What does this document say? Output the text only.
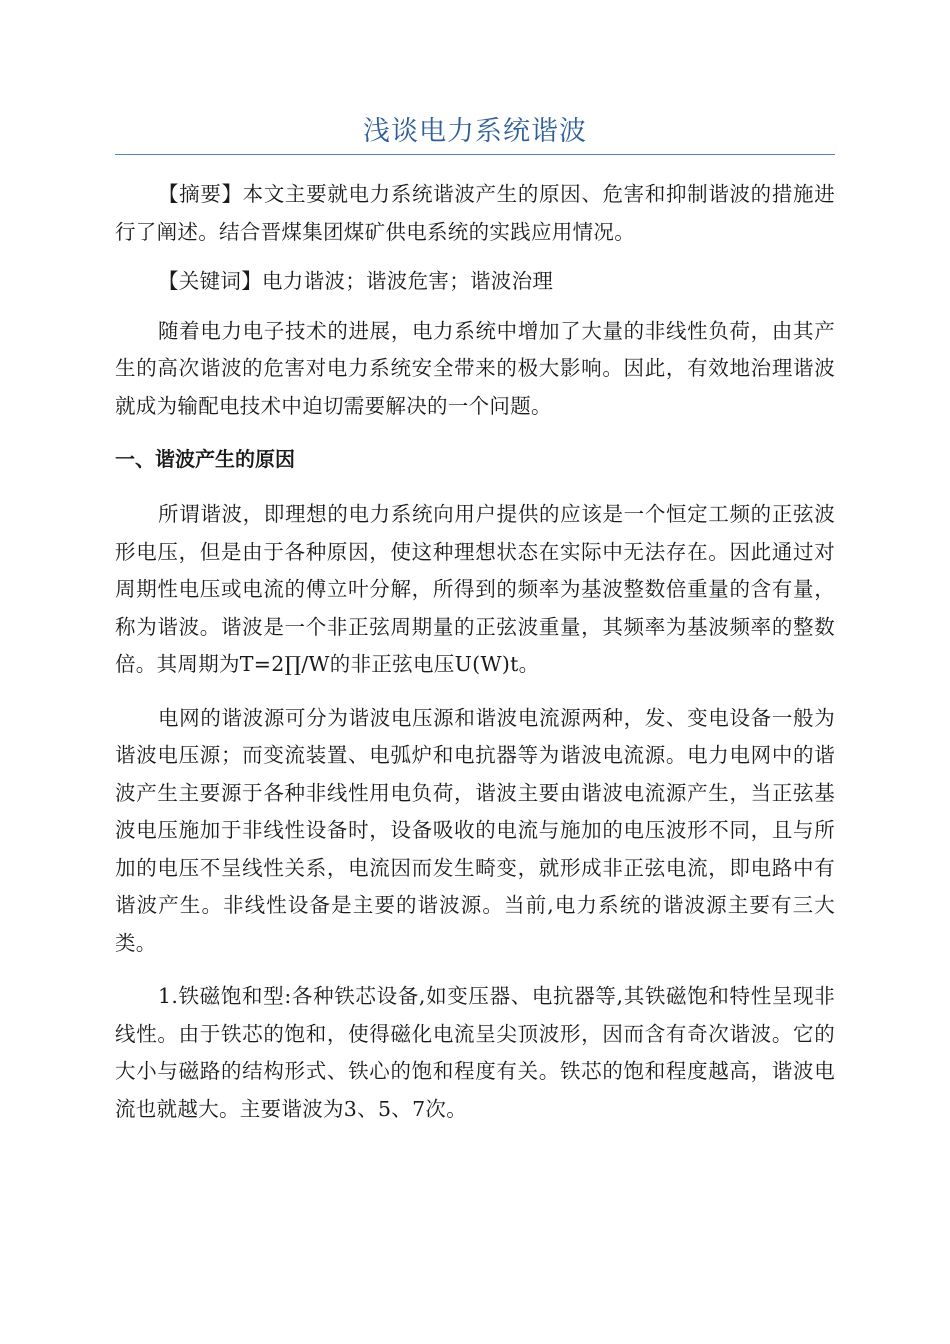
浅谈电力系统谐波

【摘要】本文主要就电力系统谐波产生的原因、危害和抑制谐波的措施进行了阐述。结合晋煤集团煤矿供电系统的实践应用情况。

【关键词】电力谐波；谐波危害；谐波治理

随着电力电子技术的进展，电力系统中增加了大量的非线性负荷，由其产生的高次谐波的危害对电力系统安全带来的极大影响。因此，有效地治理谐波就成为输配电技术中迫切需要解决的一个问题。

一、谐波产生的原因

所谓谐波，即理想的电力系统向用户提供的应该是一个恒定工频的正弦波形电压，但是由于各种原因，使这种理想状态在实际中无法存在。因此通过对周期性电压或电流的傅立叶分解，所得到的频率为基波整数倍重量的含有量，称为谐波。谐波是一个非正弦周期量的正弦波重量，其频率为基波频率的整数倍。其周期为T=2∏/W的非正弦电压U(W)t。

电网的谐波源可分为谐波电压源和谐波电流源两种，发、变电设备一般为谐波电压源；而变流装置、电弧炉和电抗器等为谐波电流源。电力电网中的谐波产生主要源于各种非线性用电负荷，谐波主要由谐波电流源产生，当正弦基波电压施加于非线性设备时，设备吸收的电流与施加的电压波形不同，且与所加的电压不呈线性关系，电流因而发生畸变，就形成非正弦电流，即电路中有谐波产生。非线性设备是主要的谐波源。当前,电力系统的谐波源主要有三大类。

1.铁磁饱和型:各种铁芯设备,如变压器、电抗器等,其铁磁饱和特性呈现非线性。由于铁芯的饱和，使得磁化电流呈尖顶波形，因而含有奇次谐波。它的大小与磁路的结构形式、铁心的饱和程度有关。铁芯的饱和程度越高，谐波电流也就越大。主要谐波为3、5、7次。
